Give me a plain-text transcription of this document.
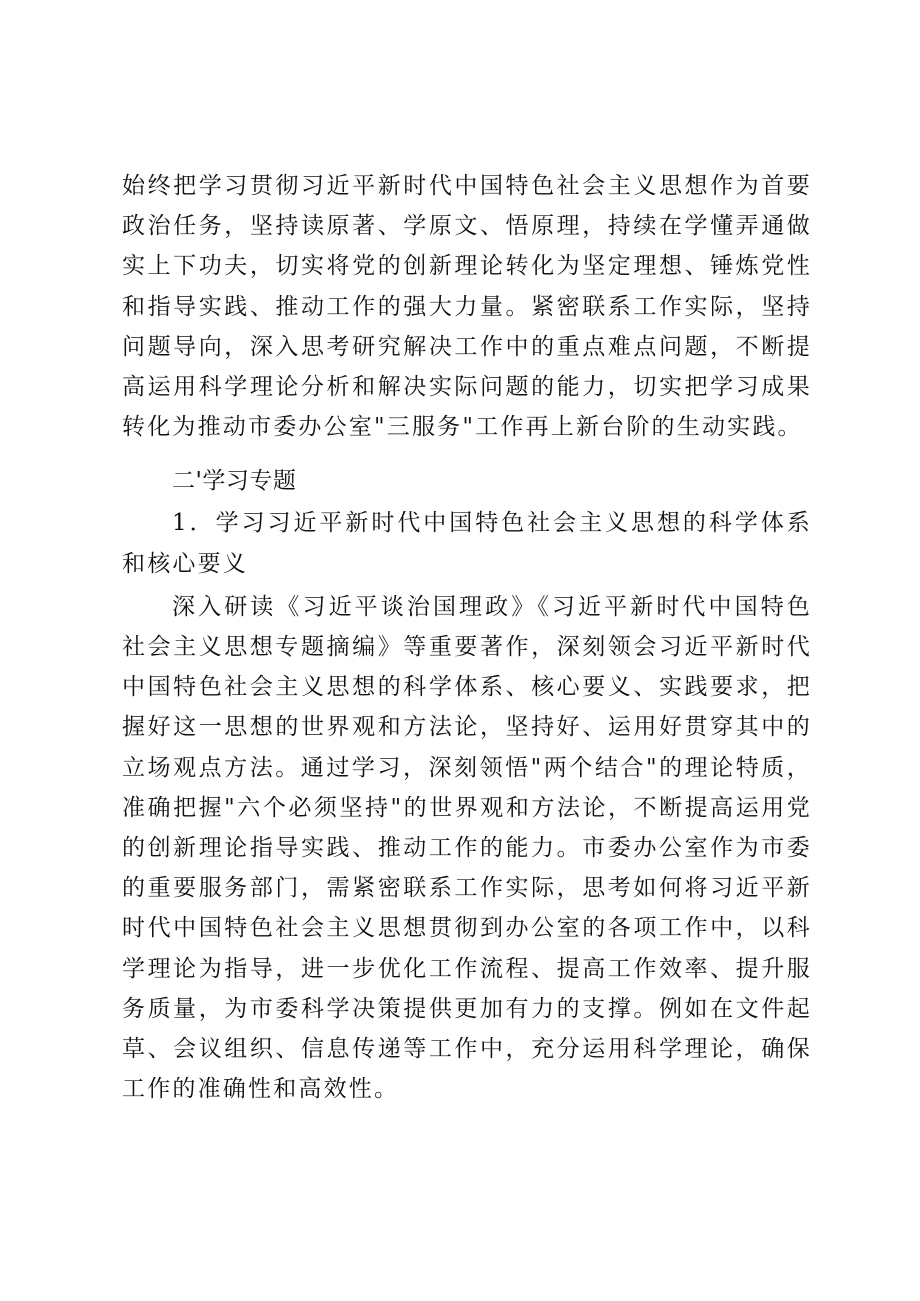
始终把学习贯彻习近平新时代中国特色社会主义思想作为首要政治任务，坚持读原著、学原文、悟原理，持续在学懂弄通做实上下功夫，切实将党的创新理论转化为坚定理想、锤炼党性和指导实践、推动工作的强大力量。紧密联系工作实际，坚持问题导向，深入思考研究解决工作中的重点难点问题，不断提高运用科学理论分析和解决实际问题的能力，切实把学习成果转化为推动市委办公室"三服务"工作再上新台阶的生动实践。

二'学习专题

1．学习习近平新时代中国特色社会主义思想的科学体系和核心要义

深入研读《习近平谈治国理政》《习近平新时代中国特色社会主义思想专题摘编》等重要著作，深刻领会习近平新时代中国特色社会主义思想的科学体系、核心要义、实践要求，把握好这一思想的世界观和方法论，坚持好、运用好贯穿其中的立场观点方法。通过学习，深刻领悟"两个结合"的理论特质，准确把握"六个必须坚持"的世界观和方法论，不断提高运用党的创新理论指导实践、推动工作的能力。市委办公室作为市委的重要服务部门，需紧密联系工作实际，思考如何将习近平新时代中国特色社会主义思想贯彻到办公室的各项工作中，以科学理论为指导，进一步优化工作流程、提高工作效率、提升服务质量，为市委科学决策提供更加有力的支撑。例如在文件起草、会议组织、信息传递等工作中，充分运用科学理论，确保工作的准确性和高效性。
